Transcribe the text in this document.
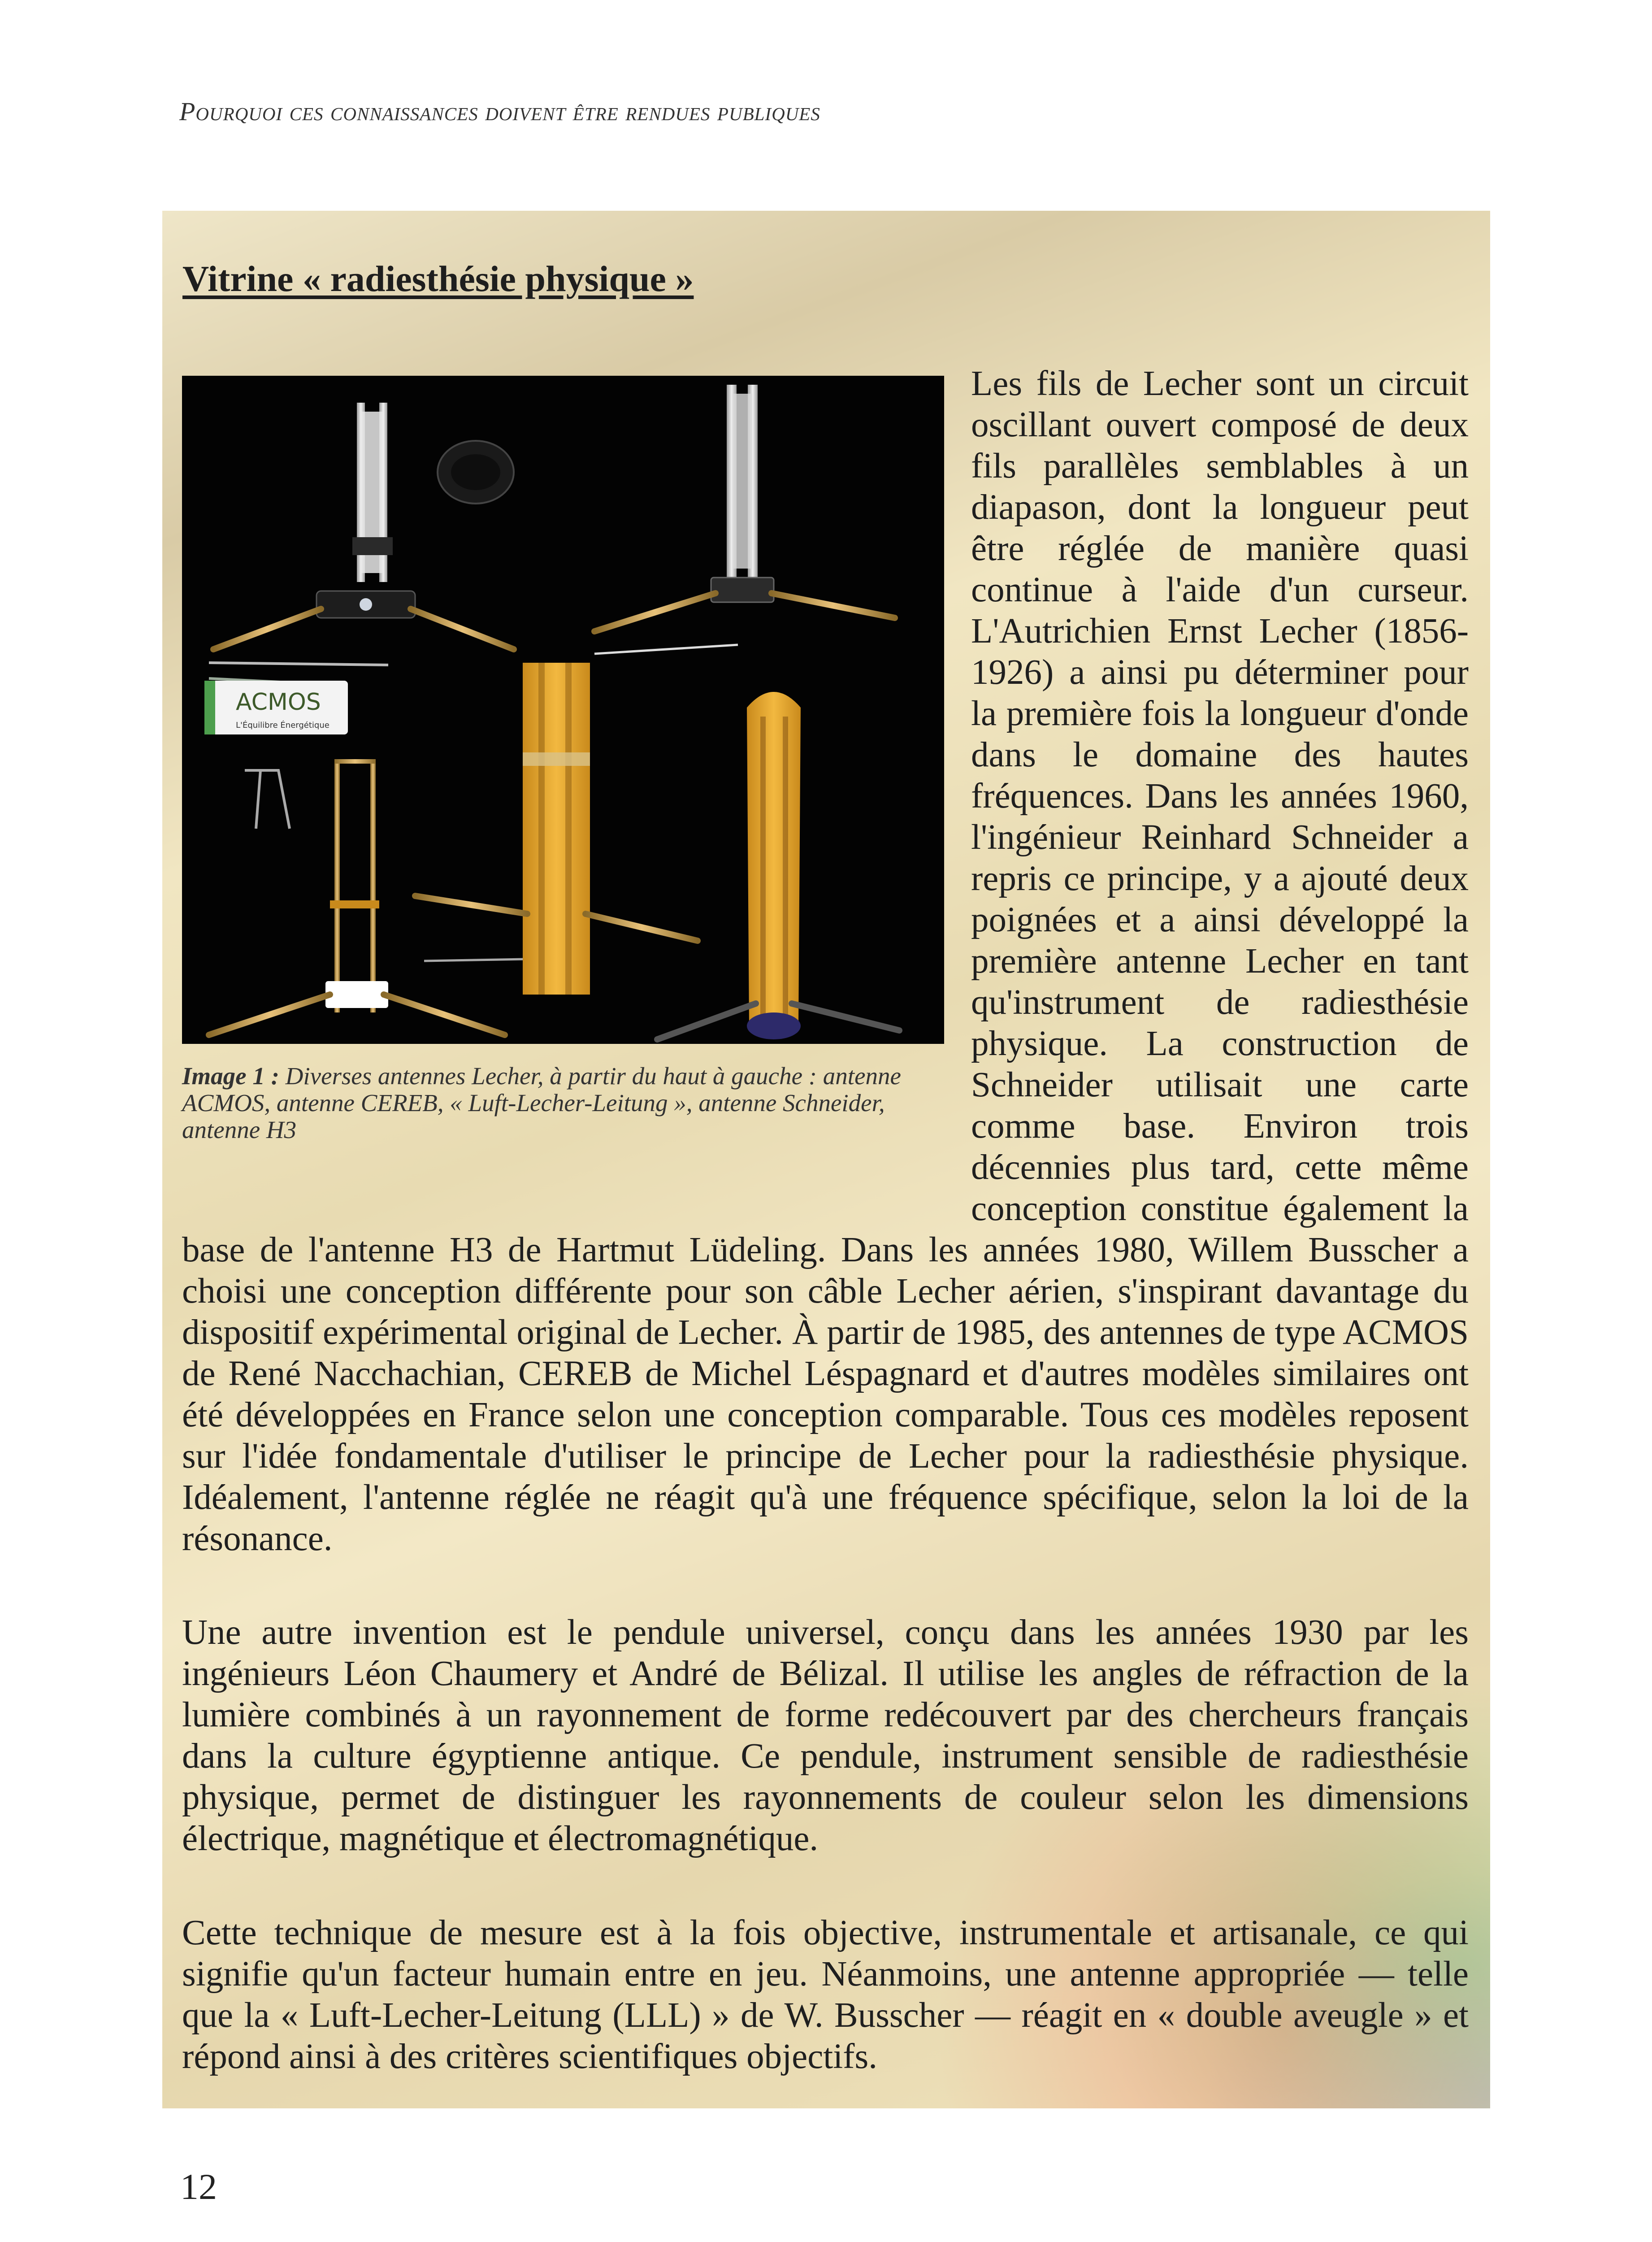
Pourquoi ces connaissances doivent être rendues publiques
Vitrine « radiesthésie physique »
ACMOS
L'Équilibre Énergétique
Image 1 : Diverses antennes Lecher, à partir du haut à gauche : antenne ACMOS, antenne CEREB, « Luft-Lecher-Leitung », antenne Schneider, antenne H3
Les fils de Lecher sont un circuit oscillant ouvert composé de deux fils parallèles semblables à un diapason, dont la longueur peut être réglée de manière quasi continue à l'aide d'un curseur. L'Autrichien Ernst Lecher (1856-1926) a ainsi pu déterminer pour la première fois la longueur d'onde dans le domaine des hautes fréquences. Dans les années 1960, l'ingénieur Reinhard Schneider a repris ce principe, y a ajouté deux poignées et a ainsi développé la première antenne Lecher en tant qu'instrument de radiesthésie physique. La construction de Schneider utilisait une carte comme base. Environ trois décennies plus tard, cette même conception constitue également la base de l'antenne H3 de Hartmut Lüdeling. Dans les années 1980, Willem Busscher a choisi une conception différente pour son câble Lecher aérien, s'inspirant davantage du dispositif expérimental original de Lecher. À partir de 1985, des antennes de type ACMOS de René Nacchachian, CEREB de Michel Léspagnard et d'autres modèles similaires ont été développées en France selon une conception comparable. Tous ces modèles reposent sur l'idée fondamentale d'utiliser le principe de Lecher pour la radiesthésie physique. Idéalement, l'antenne réglée ne réagit qu'à une fréquence spécifique, selon la loi de la résonance.
Une autre invention est le pendule universel, conçu dans les années 1930 par les ingénieurs Léon Chaumery et André de Bélizal. Il utilise les angles de réfraction de la lumière combinés à un rayonnement de forme redécouvert par des chercheurs français dans la culture égyptienne antique. Ce pendule, instrument sensible de radiesthésie physique, permet de distinguer les rayonnements de couleur selon les dimensions électrique, magnétique et électromagnétique.
Cette technique de mesure est à la fois objective, instrumentale et artisanale, ce qui signifie qu'un facteur humain entre en jeu. Néanmoins, une antenne appropriée — telle que la « Luft-Lecher-Leitung (LLL) » de W. Busscher — réagit en « double aveugle » et répond ainsi à des critères scientifiques objectifs.
12
